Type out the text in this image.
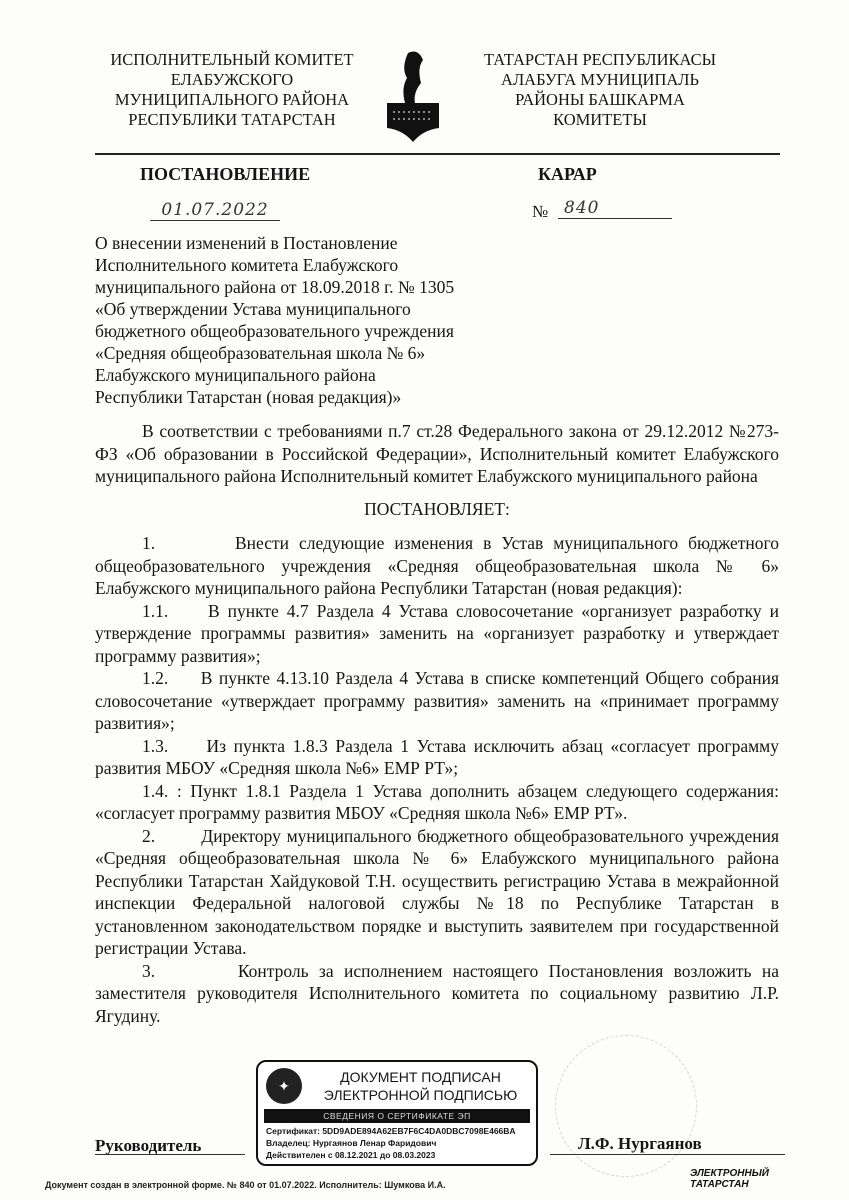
ИСПОЛНИТЕЛЬНЫЙ КОМИТЕТ
ЕЛАБУЖСКОГО
МУНИЦИПАЛЬНОГО РАЙОНА
РЕСПУБЛИКИ ТАТАРСТАН
ТАТАРСТАН РЕСПУБЛИКАСЫ
АЛАБУГА МУНИЦИПАЛЬ
РАЙОНЫ БАШКАРМА
КОМИТЕТЫ
ПОСТАНОВЛЕНИЕ	КАРАР
01.07.2022	№ 840
О внесении изменений в Постановление
Исполнительного комитета Елабужского
муниципального района от 18.09.2018 г. № 1305
«Об утверждении Устава муниципального
бюджетного общеобразовательного учреждения
«Средняя общеобразовательная школа № 6»
Елабужского муниципального района
Республики Татарстан (новая редакция)»

В соответствии с требованиями п.7 ст.28 Федерального закона от 29.12.2012 №273-ФЗ «Об образовании в Российской Федерации», Исполнительный комитет Елабужского муниципального района Исполнительный комитет Елабужского муниципального района

ПОСТАНОВЛЯЕТ:

1.        Внести следующие изменения в Устав муниципального бюджетного общеобразовательного учреждения «Средняя общеобразовательная школа № 6» Елабужского муниципального района Республики Татарстан (новая редакция):

1.1.     В пункте 4.7 Раздела 4 Устава словосочетание «организует разработку и утверждение программы развития» заменить на «организует разработку и утверждает программу развития»;

1.2.     В пункте 4.13.10 Раздела 4 Устава в списке компетенций Общего собрания словосочетание «утверждает программу развития» заменить на «принимает программу развития»;

1.3.     Из пункта 1.8.3 Раздела 1 Устава исключить абзац «согласует программу развития МБОУ «Средняя школа №6» ЕМР РТ»;

1.4. : Пункт 1.8.1 Раздела 1 Устава дополнить абзацем следующего содержания: «согласует программу развития МБОУ «Средняя школа №6» ЕМР РТ».

2.        Директору муниципального бюджетного общеобразовательного учреждения «Средняя общеобразовательная школа № 6» Елабужского муниципального района Республики Татарстан Хайдуковой Т.Н. осуществить регистрацию Устава в межрайонной инспекции Федеральной налоговой службы №18 по Республике Татарстан в установленном законодательством порядке и выступить заявителем при государственной регистрации Устава.

3.        Контроль за исполнением настоящего Постановления возложить на заместителя руководителя Исполнительного комитета по социальному развитию Л.Р. Ягудину.

Руководитель	Л.Ф. Нургаянов
✦
ДОКУМЕНТ ПОДПИСАН ЭЛЕКТРОННОЙ ПОДПИСЬЮ
СВЕДЕНИЯ О СЕРТИФИКАТЕ ЭП
Сертификат: 5DD9ADE894A62EB7F6C4DA0DBC7098E466BA
Владелец: Нургаянов Ленар Фаридович
Действителен с 08.12.2021 до 08.03.2023
Документ создан в электронной форме. № 840 от 01.07.2022. Исполнитель: Шумкова И.А.
ЭЛЕКТРОННЫЙ ТАТАРСТАН
